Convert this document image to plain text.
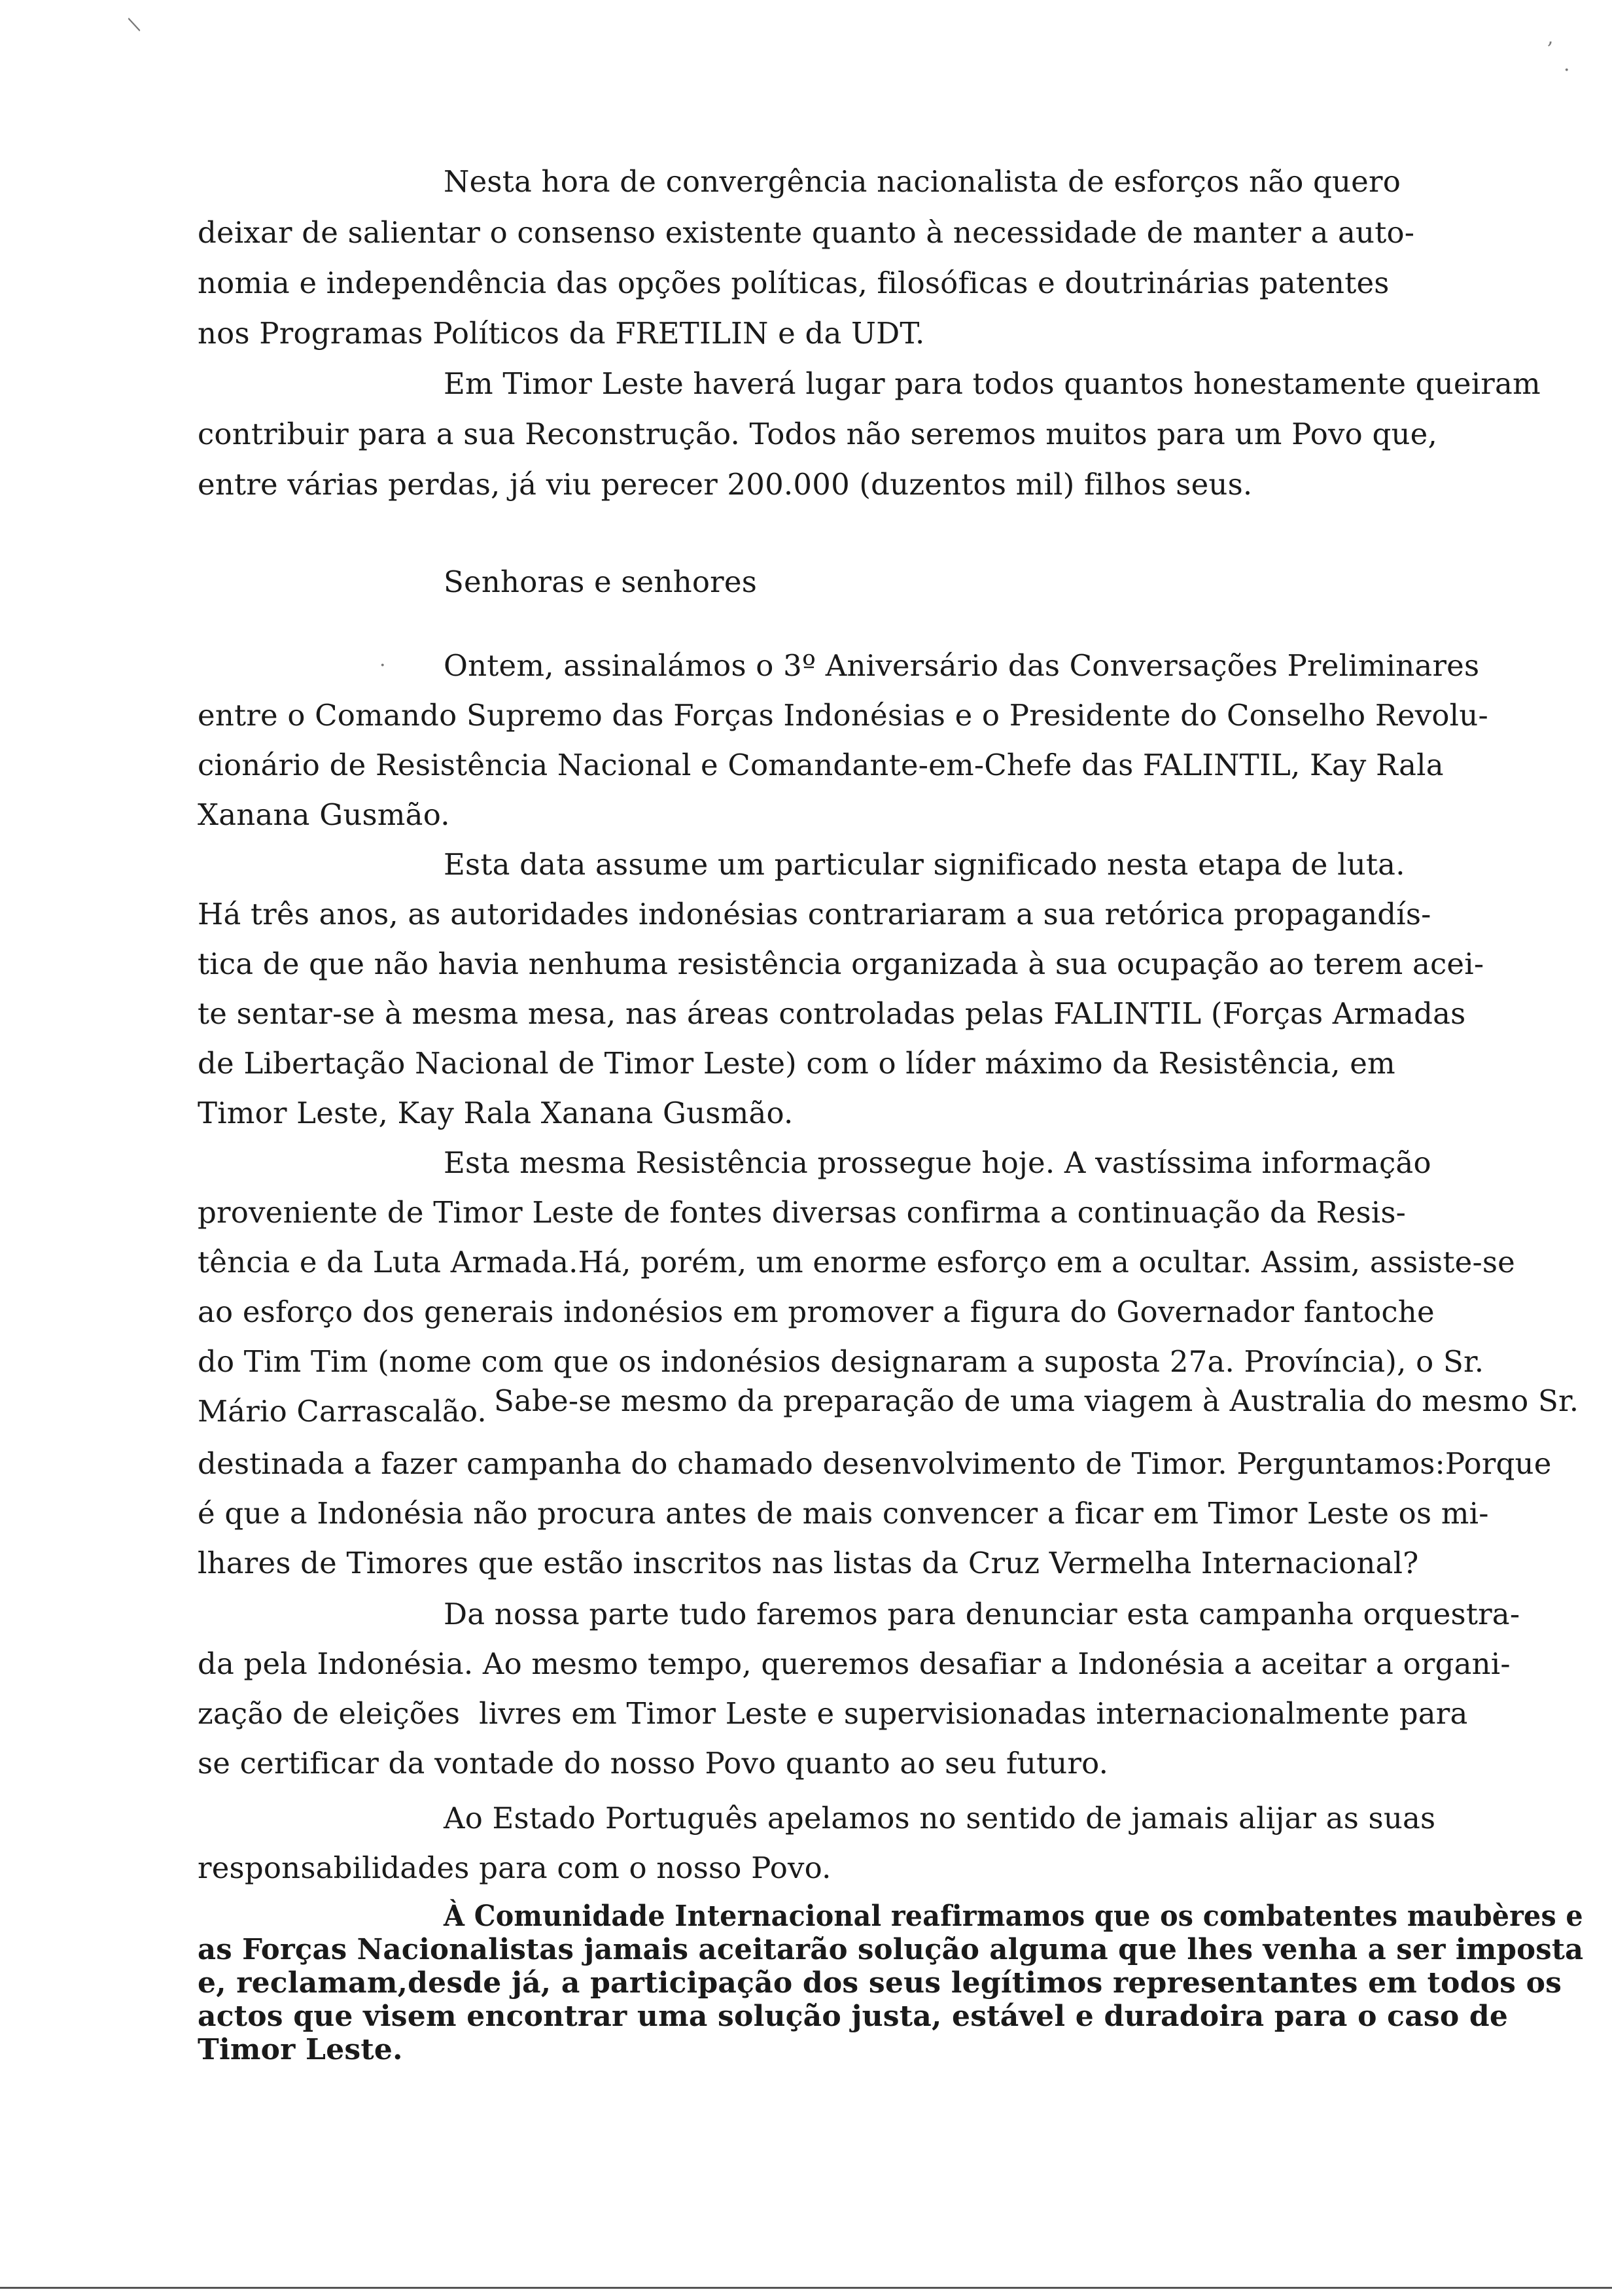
/
,
·
·
Nesta hora de convergência nacionalista de esforços não quero
deixar de salientar o consenso existente quanto à necessidade de manter a auto-
nomia e independência das opções políticas, filosóficas e doutrinárias patentes
nos Programas Políticos da FRETILIN e da UDT.
Em Timor Leste haverá lugar para todos quantos honestamente queiram
contribuir para a sua Reconstrução. Todos não seremos muitos para um Povo que,
entre várias perdas, já viu perecer 200.000 (duzentos mil) filhos seus.
Senhoras e senhores
Ontem, assinalámos o 3º Aniversário das Conversações Preliminares
entre o Comando Supremo das Forças Indonésias e o Presidente do Conselho Revolu-
cionário de Resistência Nacional e Comandante-em-Chefe das FALINTIL, Kay Rala
Xanana Gusmão.
Esta data assume um particular significado nesta etapa de luta.
Há três anos, as autoridades indonésias contrariaram a sua retórica propagandís-
tica de que não havia nenhuma resistência organizada à sua ocupação ao terem acei-
te sentar-se à mesma mesa, nas áreas controladas pelas FALINTIL (Forças Armadas
de Libertação Nacional de Timor Leste) com o líder máximo da Resistência, em
Timor Leste, Kay Rala Xanana Gusmão.
Esta mesma Resistência prossegue hoje. A vastíssima informação
proveniente de Timor Leste de fontes diversas confirma a continuação da Resis-
tência e da Luta Armada.Há, porém, um enorme esforço em a ocultar. Assim, assiste-se
ao esforço dos generais indonésios em promover a figura do Governador fantoche
do Tim Tim (nome com que os indonésios designaram a suposta 27a. Província), o Sr.
Mário Carrascalão. Sabe-se mesmo da preparação de uma viagem à Australia do mesmo Sr.
destinada a fazer campanha do chamado desenvolvimento de Timor. Perguntamos:Porque
é que a Indonésia não procura antes de mais convencer a ficar em Timor Leste os mi-
lhares de Timores que estão inscritos nas listas da Cruz Vermelha Internacional?
Da nossa parte tudo faremos para denunciar esta campanha orquestra-
da pela Indonésia. Ao mesmo tempo, queremos desafiar a Indonésia a aceitar a organi-
zação de eleições  livres em Timor Leste e supervisionadas internacionalmente para
se certificar da vontade do nosso Povo quanto ao seu futuro.
Ao Estado Português apelamos no sentido de jamais alijar as suas
responsabilidades para com o nosso Povo.
À Comunidade Internacional reafirmamos que os combatentes maubères e
as Forças Nacionalistas jamais aceitarão solução alguma que lhes venha a ser imposta
e, reclamam,desde já, a participação dos seus legítimos representantes em todos os
actos que visem encontrar uma solução justa, estável e duradoira para o caso de
Timor Leste.
